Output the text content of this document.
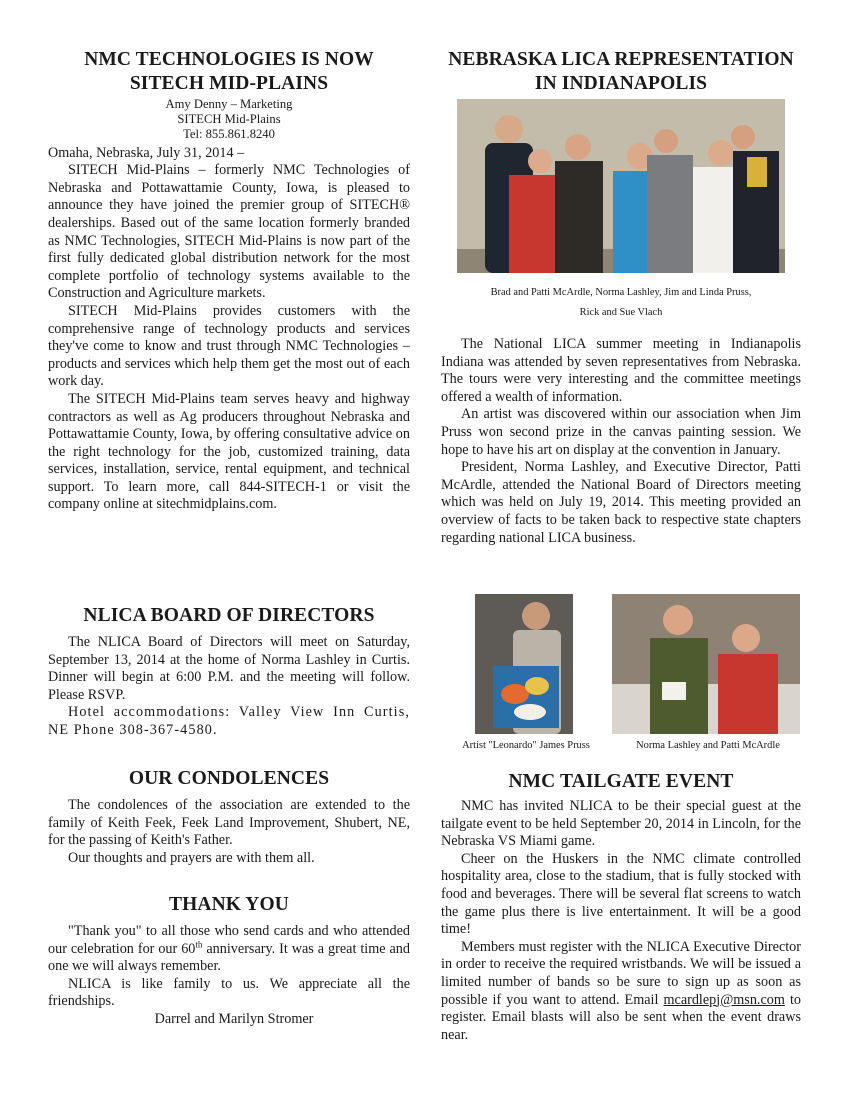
NMC TECHNOLOGIES IS NOW
SITECH MID-PLAINS
Amy Denny – Marketing
SITECH Mid-Plains
Tel: 855.861.8240

Omaha, Nebraska, July 31, 2014 –

SITECH Mid-Plains – formerly NMC Technologies of Nebraska and Pottawattamie County, Iowa, is pleased to announce they have joined the premier group of SITECH® dealerships. Based out of the same location formerly branded as NMC Technologies, SITECH Mid-Plains is now part of the first fully dedicated global distribution network for the most complete portfolio of technology systems available to the Construction and Agriculture markets.

SITECH Mid-Plains provides customers with the comprehensive range of technology products and services they've come to know and trust through NMC Technologies – products and services which help them get the most out of each work day.

The SITECH Mid-Plains team serves heavy and highway contractors as well as Ag producers throughout Nebraska and Pottawattamie County, Iowa, by offering consultative advice on the right technology for the job, customized training, data services, installation, service, rental equipment, and technical support. To learn more, call 844-SITECH-1 or visit the company online at sitechmidplains.com.

NLICA BOARD OF DIRECTORS

The NLICA Board of Directors will meet on Saturday, September 13, 2014 at the home of Norma Lashley in Curtis. Dinner will begin at 6:00 P.M. and the meeting will follow. Please RSVP.

Hotel accommodations: Valley View Inn Curtis, NE Phone 308-367-4580.

OUR CONDOLENCES

The condolences of the association are extended to the family of Keith Feek, Feek Land Improvement, Shubert, NE, for the passing of Keith's Father.

Our thoughts and prayers are with them all.

THANK YOU

"Thank you" to all those who send cards and who attended our celebration for our 60th anniversary. It was a great time and one we will always remember.

NLICA is like family to us. We appreciate all the friendships.

Darrel and Marilyn Stromer
NEBRASKA LICA REPRESENTATION
IN INDIANAPOLIS
Brad and Patti McArdle, Norma Lashley, Jim and Linda Pruss,
Rick and Sue Vlach

The National LICA summer meeting in Indianapolis Indiana was attended by seven representatives from Nebraska. The tours were very interesting and the committee meetings offered a wealth of information.

An artist was discovered within our association when Jim Pruss won second prize in the canvas painting session. We hope to have his art on display at the convention in January.

President, Norma Lashley, and Executive Director, Patti McArdle, attended the National Board of Directors meeting which was held on July 19, 2014. This meeting provided an overview of facts to be taken back to respective state chapters regarding national LICA business.

Artist "Leonardo" James Pruss	Norma Lashley and Patti McArdle
NMC TAILGATE EVENT

NMC has invited NLICA to be their special guest at the tailgate event to be held September 20, 2014 in Lincoln, for the Nebraska VS Miami game.

Cheer on the Huskers in the NMC climate controlled hospitality area, close to the stadium, that is fully stocked with food and beverages. There will be several flat screens to watch the game plus there is live entertainment. It will be a good time!

Members must register with the NLICA Executive Director in order to receive the required wristbands. We will be issued a limited number of bands so be sure to sign up as soon as possible if you want to attend. Email mcardlepj@msn.com to register. Email blasts will also be sent when the event draws near.
